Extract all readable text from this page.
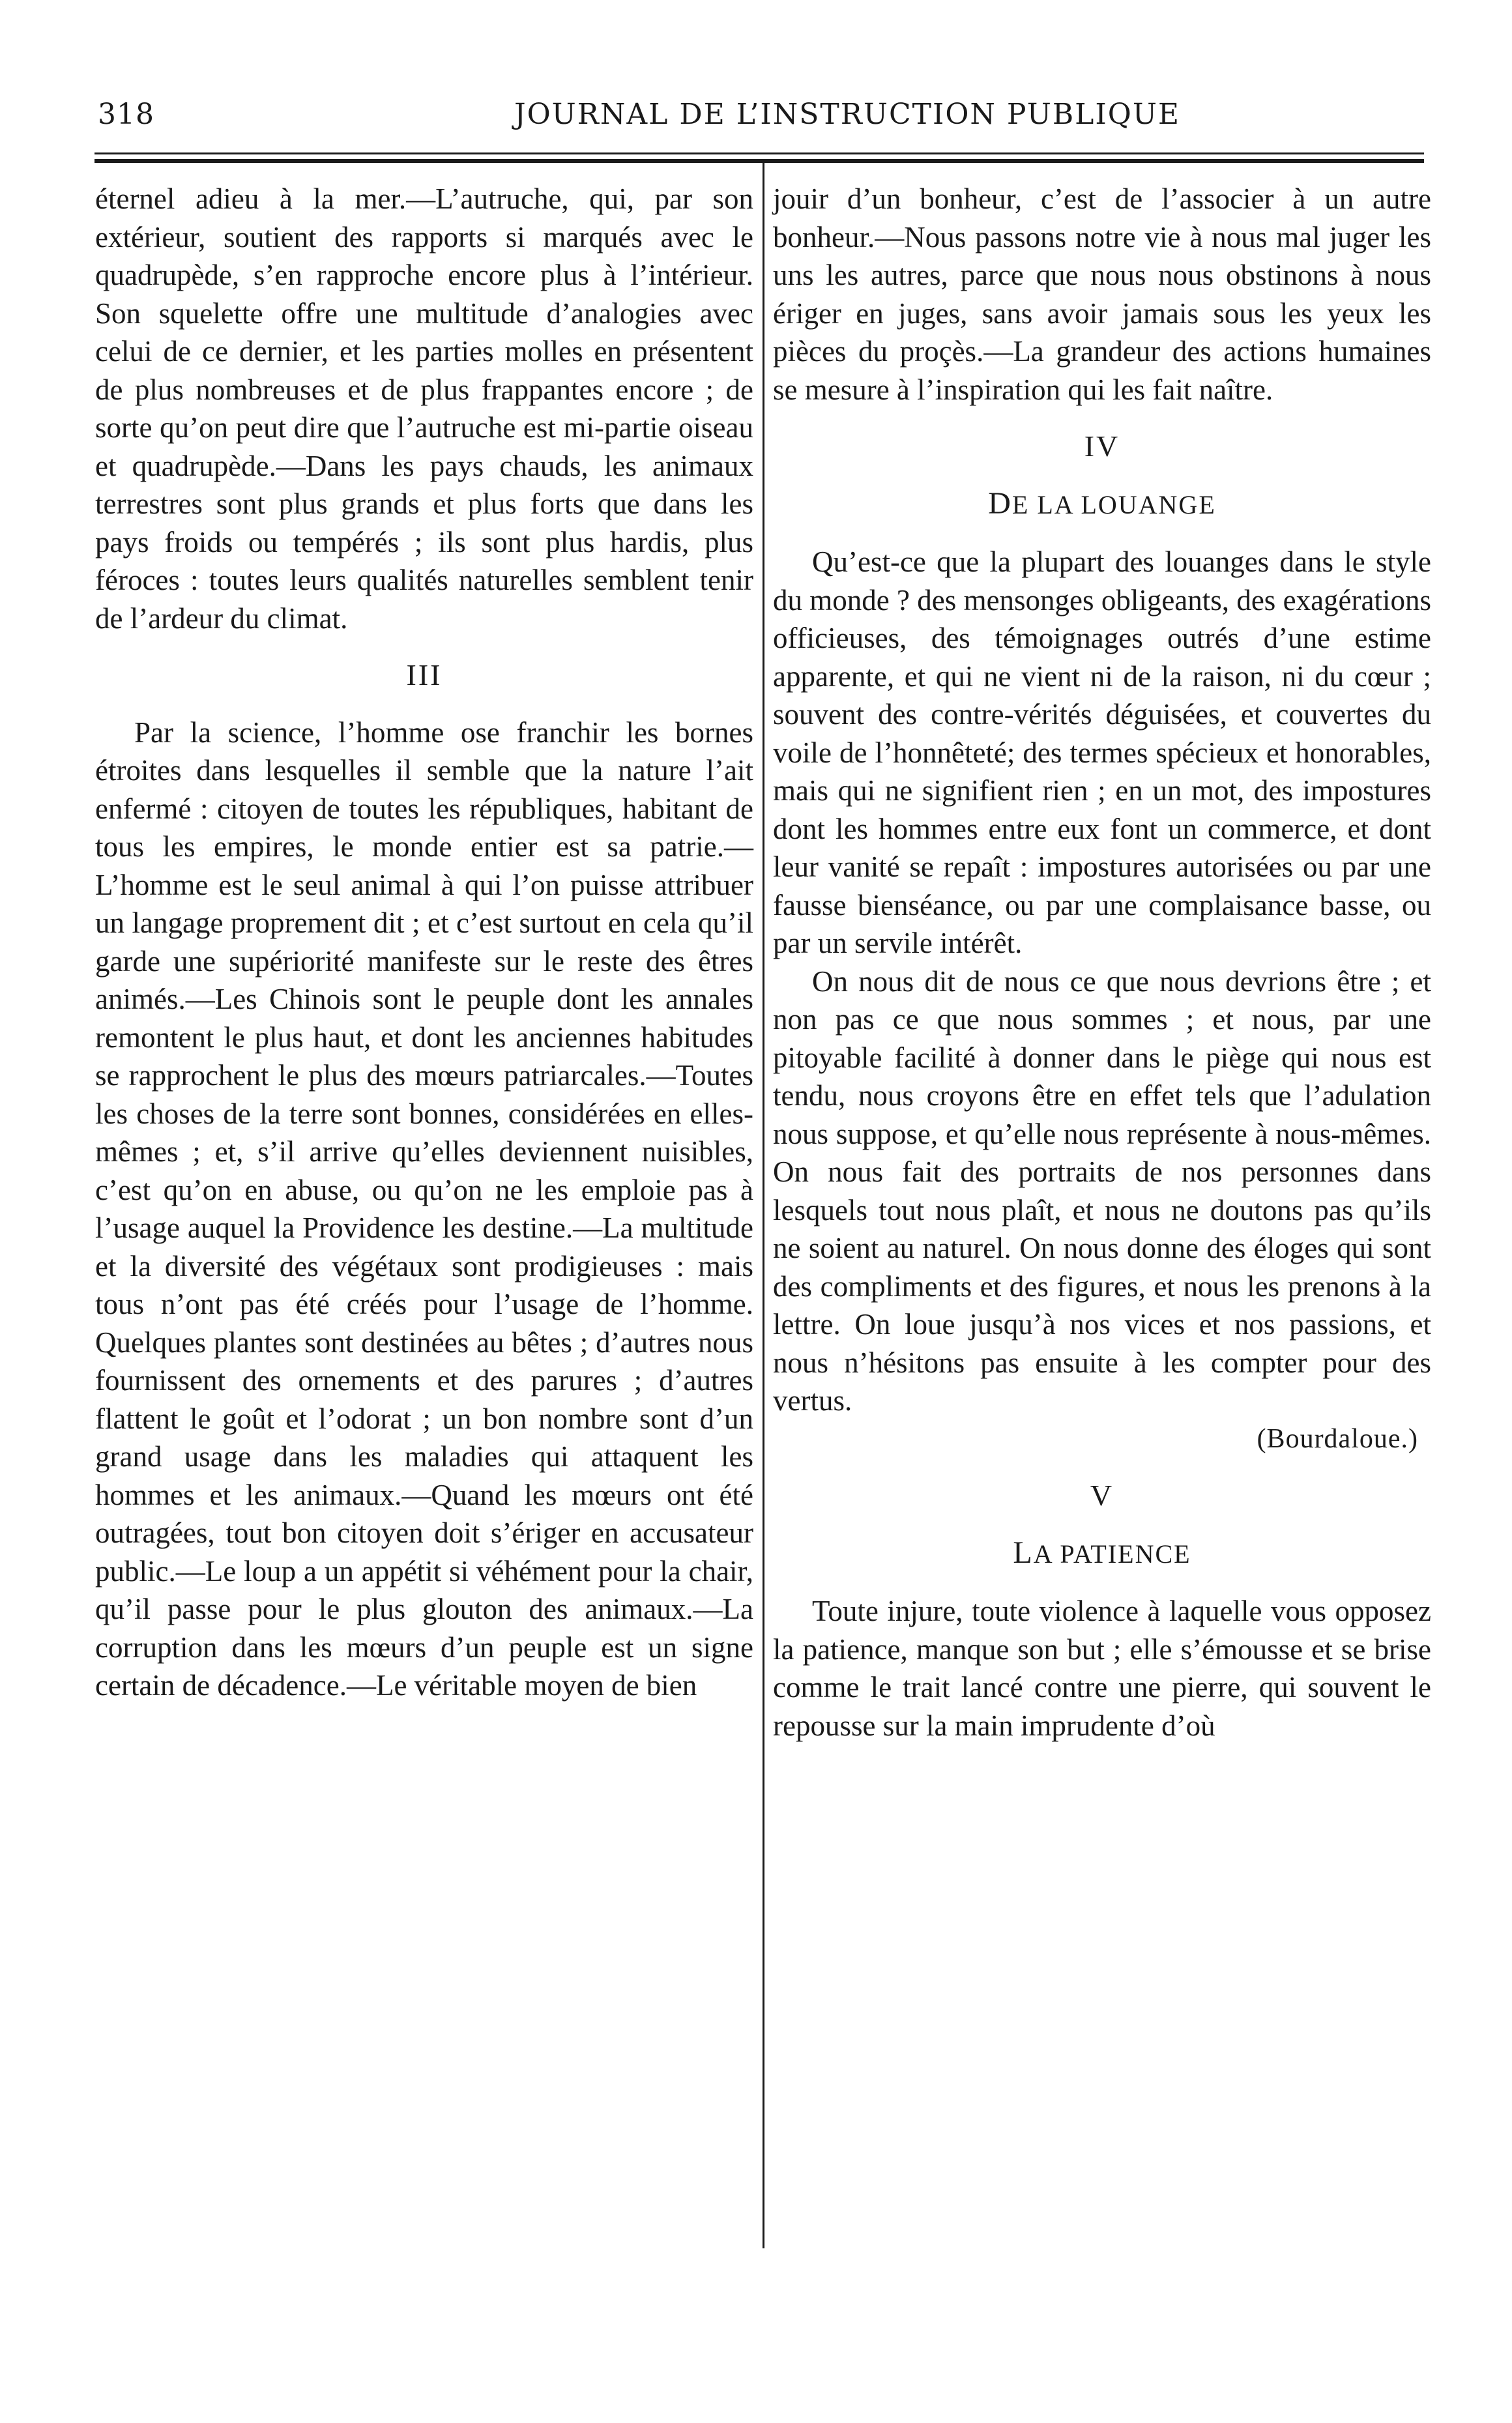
318	JOURNAL DE L’INSTRUCTION PUBLIQUE

éternel adieu à la mer.—L’autruche, qui, par son extérieur, soutient des rapports si marqués avec le quadrupède, s’en rapproche encore plus à l’intérieur. Son squelette offre une multitude d’analogies avec celui de ce dernier, et les parties molles en présentent de plus nombreuses et de plus frappantes encore ; de sorte qu’on peut dire que l’autruche est mi-partie oiseau et quadrupède.—Dans les pays chauds, les animaux terrestres sont plus grands et plus forts que dans les pays froids ou tempérés ; ils sont plus hardis, plus féroces : toutes leurs qualités naturelles semblent tenir de l’ardeur du climat.

III

Par la science, l’homme ose franchir les bornes étroites dans lesquelles il semble que la nature l’ait enfermé : citoyen de toutes les républiques, habitant de tous les empires, le monde entier est sa patrie.—L’homme est le seul animal à qui l’on puisse attribuer un langage proprement dit ; et c’est surtout en cela qu’il garde une supériorité manifeste sur le reste des êtres animés.—Les Chinois sont le peuple dont les annales remontent le plus haut, et dont les anciennes habitudes se rapprochent le plus des mœurs patriarcales.—Toutes les choses de la terre sont bonnes, considérées en elles-mêmes ; et, s’il arrive qu’elles deviennent nuisibles, c’est qu’on en abuse, ou qu’on ne les emploie pas à l’usage auquel la Providence les destine.—La multitude et la diversité des végétaux sont prodigieuses : mais tous n’ont pas été créés pour l’usage de l’homme. Quelques plantes sont destinées au bêtes ; d’autres nous fournissent des ornements et des parures ; d’autres flattent le goût et l’odorat ; un bon nombre sont d’un grand usage dans les maladies qui attaquent les hommes et les animaux.—Quand les mœurs ont été outragées, tout bon citoyen doit s’ériger en accusateur public.—Le loup a un appétit si véhément pour la chair, qu’il passe pour le plus glouton des animaux.—La corruption dans les mœurs d’un peuple est un signe certain de décadence.—Le véritable moyen de bien

jouir d’un bonheur, c’est de l’associer à un autre bonheur.—Nous passons notre vie à nous mal juger les uns les autres, parce que nous nous obstinons à nous ériger en juges, sans avoir jamais sous les yeux les pièces du proçès.—La grandeur des actions humaines se mesure à l’inspiration qui les fait naître.

IV

DE LA LOUANGE

Qu’est-ce que la plupart des louanges dans le style du monde ? des mensonges obligeants, des exagérations officieuses, des témoignages outrés d’une estime apparente, et qui ne vient ni de la raison, ni du cœur ; souvent des contre-vérités déguisées, et couvertes du voile de l’honnêteté; des termes spécieux et honorables, mais qui ne signifient rien ; en un mot, des impostures dont les hommes entre eux font un commerce, et dont leur vanité se repaît : impostures autorisées ou par une fausse bienséance, ou par une complaisance basse, ou par un servile intérêt.

On nous dit de nous ce que nous devrions être ; et non pas ce que nous sommes ; et nous, par une pitoyable facilité à donner dans le piège qui nous est tendu, nous croyons être en effet tels que l’adulation nous suppose, et qu’elle nous représente à nous-mêmes. On nous fait des portraits de nos personnes dans lesquels tout nous plaît, et nous ne doutons pas qu’ils ne soient au naturel. On nous donne des éloges qui sont des compliments et des figures, et nous les prenons à la lettre. On loue jusqu’à nos vices et nos passions, et nous n’hésitons pas ensuite à les compter pour des vertus.

(Bourdaloue.)

V

LA PATIENCE

Toute injure, toute violence à laquelle vous opposez la patience, manque son but ; elle s’émousse et se brise comme le trait lancé contre une pierre, qui souvent le repousse sur la main imprudente d’où
